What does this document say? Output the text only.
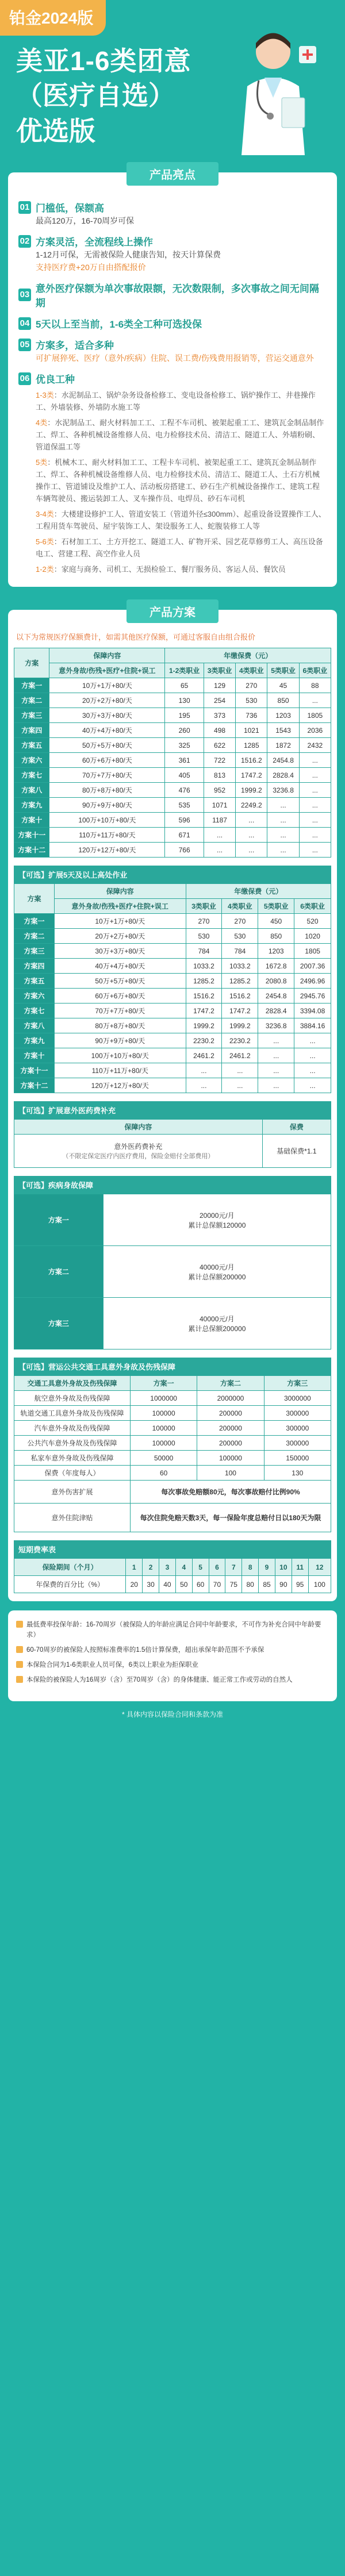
铂金2024版
美亚1-6类团意
（医疗自选）
优选版
产品亮点
01 门槛低，保额高
最高120万，16-70周岁可保
02 方案灵活，全流程线上操作
1-12月可保，无需被保险人健康告知，按天计算保费
支持医疗费+20万自由搭配报价
03
意外医疗保额为单次事故限额，无次数限制，多次事故之间无间隔期
04 5天以上至当前，1-6类全工种可选投保
05 方案多，适合多种
可扩展猝死、医疗（意外/疾病）住院、误工费/伤残费用报销等，营运交通意外
06 优良工种

1-3类：水泥制品工、锅炉杂务设备检修工、变电设备检修工、锅炉操作工、井巷操作工、外墙装修、外墙防水施工等

4类：水泥制品工、耐火材料加工工、工程不车司机、被架起重工工、建筑瓦金制品制作工、焊工、各种机械设备维修人员、电力检修技术员、清洁工、隧道工人、外墙粉刷、管道保温工等

5类：机械木工、耐火材料加工工、工程卡车司机、被架起重工工、建筑瓦金制品制作工、焊工、各种机械设备维修人员、电力检修技术员、清洁工、隧道工人、土石方机械操作工、管道铺设及维护工人、活动板房搭建工、砂石生产机械设备操作工、建筑工程车辆驾驶员、搬运装卸工人、叉车操作员、电焊员、砂石车司机

3-4类：大楼建设修护工人、管道安装工（管道外径≤300mm）、起重设备设置操作工人、工程用货车驾驶员、屋宇装饰工人、架设服务工人、蛇腹装修工人等

5-6类：石材加工工、土方开挖工、隧道工人、矿物开采、园艺花草修剪工人、高压设备电工、营建工程、高空作业人员

1-2类：家庭与商务、司机工、无损检验工、餐厅服务员、客运人员、餐饮员

产品方案
以下为常规医疗保额费计，如需其他医疗保额，可通过客服自由组合报价
方案	保障内容	年缴保费（元）				
	意外身故/伤残+医疗+住院+误工	1-2类职业	3类职业	4类职业	5类职业	6类职业
方案一	10万+1万+80/天	65	129	270	45	88
方案二	20万+2万+80/天	130	254	530	850	...
方案三	30万+3万+80/天	195	373	736	1203	1805
方案四	40万+4万+80/天	260	498	1021	1543	2036
方案五	50万+5万+80/天	325	622	1285	1872	2432
方案六	60万+6万+80/天	361	722	1516.2	2454.8	...
方案七	70万+7万+80/天	405	813	1747.2	2828.4	...
方案八	80万+8万+80/天	476	952	1999.2	3236.8	...
方案九	90万+9万+80/天	535	1071	2249.2	...	...
方案十	100万+10万+80/天	596	1187	...	...	...
方案十一	110万+11万+80/天	671	...	...	...	...
方案十二	120万+12万+80/天	766	...	...	...	...
【可选】扩展5天及以上高处作业
方案	保障内容	年缴保费（元）			
	意外身故/伤残+医疗+住院+误工	3类职业	4类职业	5类职业	6类职业
方案一	10万+1万+80/天	270	270	450	520
方案二	20万+2万+80/天	530	530	850	1020
方案三	30万+3万+80/天	784	784	1203	1805
方案四	40万+4万+80/天	1033.2	1033.2	1672.8	2007.36
方案五	50万+5万+80/天	1285.2	1285.2	2080.8	2496.96
方案六	60万+6万+80/天	1516.2	1516.2	2454.8	2945.76
方案七	70万+7万+80/天	1747.2	1747.2	2828.4	3394.08
方案八	80万+8万+80/天	1999.2	1999.2	3236.8	3884.16
方案九	90万+9万+80/天	2230.2	2230.2	...	...
方案十	100万+10万+80/天	2461.2	2461.2	...	...
方案十一	110万+11万+80/天	...	...	...	...
方案十二	120万+12万+80/天	...	...	...	...
【可选】扩展意外医药费补充
保障内容	保费
意外医药费补充
（不限定保定医疗内医疗费用，保险金赔付全部费用）	基础保费*1.1
【可选】疾病身故保障
方案一	20000元/月
累计总保额120000
方案二	40000元/月
累计总保额200000
方案三	40000元/月
累计总保额200000
【可选】营运公共交通工具意外身故及伤残保障
交通工具意外身故及伤残保障	方案一	方案二	方案三
航空意外身故及伤残保障	1000000	2000000	3000000
轨道交通工具意外身故及伤残保障	100000	200000	300000
汽车意外身故及伤残保障	100000	200000	300000
公共汽车意外身故及伤残保障	100000	200000	300000
私家车意外身故及伤残保障	50000	100000	150000
保费（年度每人）	60	100	130
意外伤害扩展	每次事故免赔额80元，每次事故赔付比例90%		
意外住院津贴	每次住院免赔天数3天，每一保险年度总赔付日以180天为限		
短期费率表
保险期间（个月）	1	2	3	4	5	6	7	8	9	10	11	12
年保费的百分比（%）	20	30	40	50	60	70	75	80	85	90	95	100

最低费率投保年龄：16-70周岁（被保险人的年龄应满足合同中年龄要求，不可作为补充合同中年龄要求）

60-70周岁的被保险人按照标准费率的1.5倍计算保费，超出承保年龄范围不予承保

本保险合同为1-6类职业人员可保，6类以上职业为拒保职业

本保险的被保险人为16周岁（含）至70周岁（含）的身体健康、能正常工作或劳动的自然人

* 具体内容以保险合同和条款为准
